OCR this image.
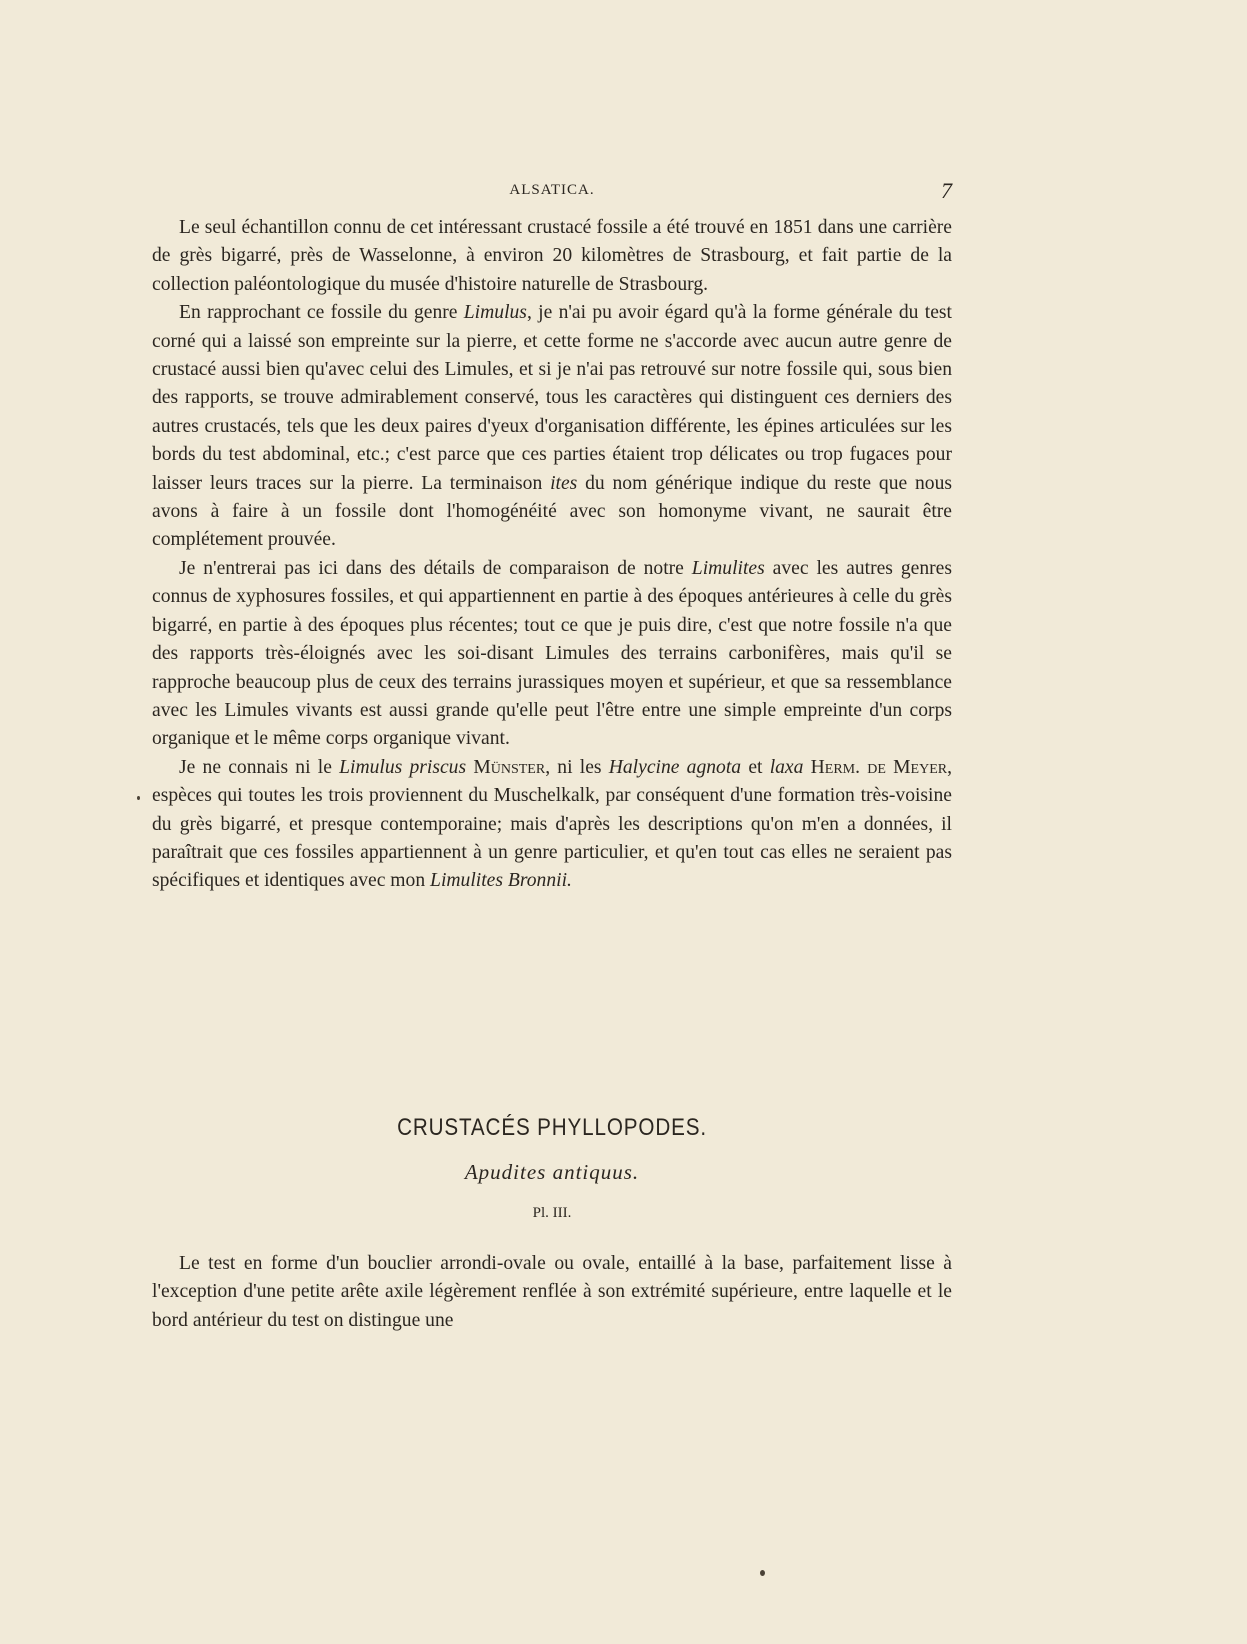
ALSATICA.	7

Le seul échantillon connu de cet intéressant crustacé fossile a été trouvé en 1851 dans une carrière de grès bigarré, près de Wasselonne, à environ 20 kilomètres de Strasbourg, et fait partie de la collection paléontologique du musée d'histoire naturelle de Strasbourg.

En rapprochant ce fossile du genre Limulus, je n'ai pu avoir égard qu'à la forme générale du test corné qui a laissé son empreinte sur la pierre, et cette forme ne s'accorde avec aucun autre genre de crustacé aussi bien qu'avec celui des Limules, et si je n'ai pas retrouvé sur notre fossile qui, sous bien des rapports, se trouve admirablement conservé, tous les caractères qui distinguent ces derniers des autres crustacés, tels que les deux paires d'yeux d'organisation différente, les épines articulées sur les bords du test abdominal, etc.; c'est parce que ces parties étaient trop délicates ou trop fugaces pour laisser leurs traces sur la pierre. La terminaison ites du nom générique indique du reste que nous avons à faire à un fossile dont l'homogénéité avec son homonyme vivant, ne saurait être complétement prouvée.

Je n'entrerai pas ici dans des détails de comparaison de notre Limulites avec les autres genres connus de xyphosures fossiles, et qui appartiennent en partie à des époques antérieures à celle du grès bigarré, en partie à des époques plus récentes; tout ce que je puis dire, c'est que notre fossile n'a que des rapports très-éloignés avec les soi-disant Limules des terrains carbonifères, mais qu'il se rapproche beaucoup plus de ceux des terrains jurassiques moyen et supérieur, et que sa ressemblance avec les Limules vivants est aussi grande qu'elle peut l'être entre une simple empreinte d'un corps organique et le même corps organique vivant.

Je ne connais ni le Limulus priscus Münster, ni les Halycine agnota et laxa Herm. de Meyer, espèces qui toutes les trois proviennent du Muschelkalk, par conséquent d'une formation très-voisine du grès bigarré, et presque contemporaine; mais d'après les descriptions qu'on m'en a données, il paraîtrait que ces fossiles appartiennent à un genre particulier, et qu'en tout cas elles ne seraient pas spécifiques et identiques avec mon Limulites Bronnii.

CRUSTACÉS PHYLLOPODES.
Apudites antiquus.
Pl. III.

Le test en forme d'un bouclier arrondi-ovale ou ovale, entaillé à la base, parfaitement lisse à l'exception d'une petite arête axile légèrement renflée à son extrémité supérieure, entre laquelle et le bord antérieur du test on distingue une
